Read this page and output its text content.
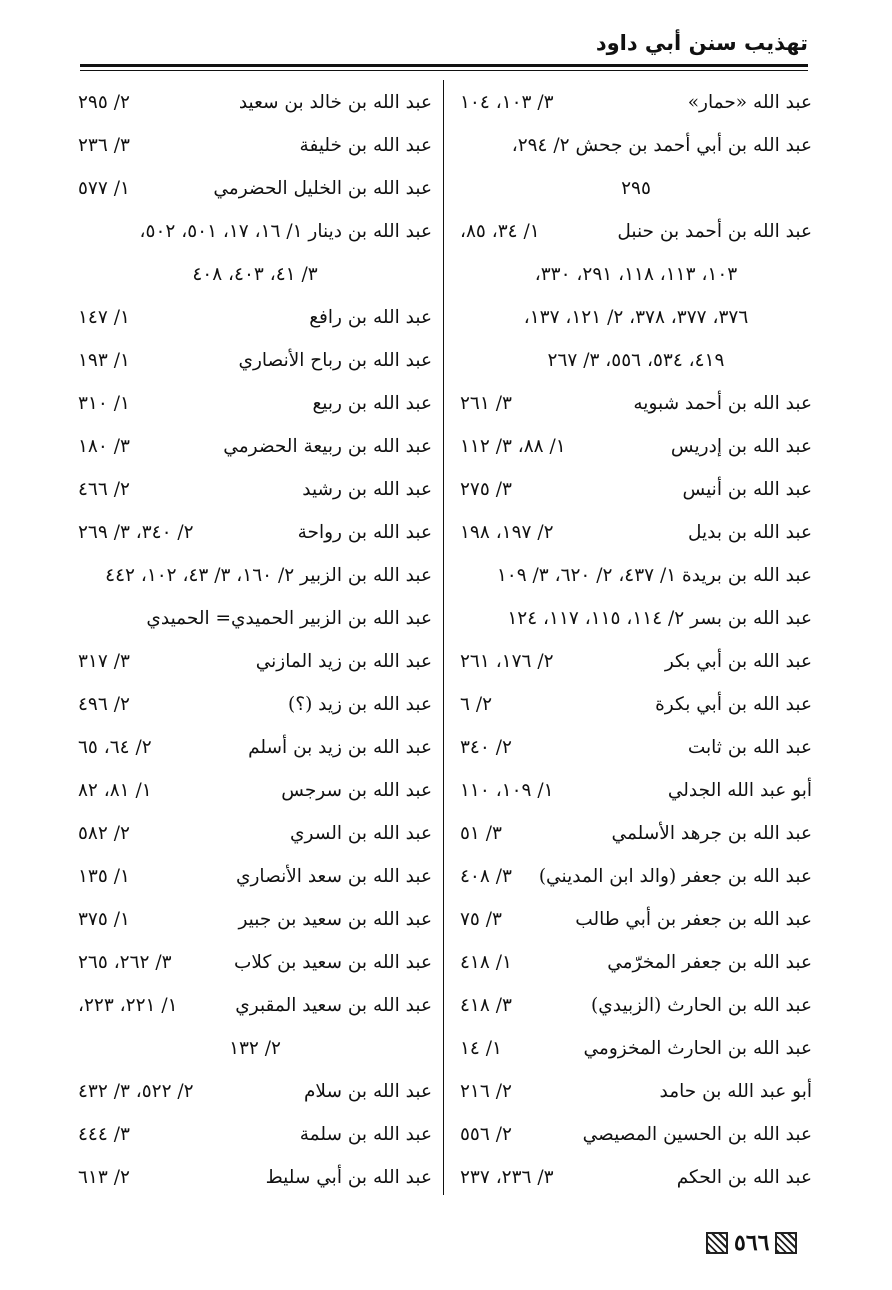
تهذيب سنن أبي داود
عبد الله «حمار»
٣/ ١٠٣، ١٠٤
عبد الله بن أبي أحمد بن جحش ٢/ ٢٩٤،
٢٩٥
عبد الله بن أحمد بن حنبل
١/ ٣٤، ٨٥،
١٠٣، ١١٣، ١١٨، ٢٩١، ٣٣٠،
٣٧٦، ٣٧٧، ٣٧٨، ٢/ ١٢١، ١٣٧،
٤١٩، ٥٣٤، ٥٥٦، ٣/ ٢٦٧
عبد الله بن أحمد شبويه
٣/ ٢٦١
عبد الله بن إدريس
١/ ٨٨، ٣/ ١١٢
عبد الله بن أنيس
٣/ ٢٧٥
عبد الله بن بديل
٢/ ١٩٧، ١٩٨
عبد الله بن بريدة ١/ ٤٣٧، ٢/ ٦٢٠، ٣/ ١٠٩
عبد الله بن بسر ٢/ ١١٤، ١١٥، ١١٧، ١٢٤
عبد الله بن أبي بكر
٢/ ١٧٦، ٢٦١
عبد الله بن أبي بكرة
٢/ ٦
عبد الله بن ثابت
٢/ ٣٤٠
أبو عبد الله الجدلي
١/ ١٠٩، ١١٠
عبد الله بن جرهد الأسلمي
٣/ ٥١
عبد الله بن جعفر (والد ابن المديني)
٣/ ٤٠٨
عبد الله بن جعفر بن أبي طالب
٣/ ٧٥
عبد الله بن جعفر المخرّمي
١/ ٤١٨
عبد الله بن الحارث (الزبيدي)
٣/ ٤١٨
عبد الله بن الحارث المخزومي
١/ ١٤
أبو عبد الله بن حامد
٢/ ٢١٦
عبد الله بن الحسين المصيصي
٢/ ٥٥٦
عبد الله بن الحكم
٣/ ٢٣٦، ٢٣٧
عبد الله بن خالد بن سعيد
٢/ ٢٩٥
عبد الله بن خليفة
٣/ ٢٣٦
عبد الله بن الخليل الحضرمي
١/ ٥٧٧
عبد الله بن دينار ١/ ١٦، ١٧، ٥٠١، ٥٠٢،
٣/ ٤١، ٤٠٣، ٤٠٨
عبد الله بن رافع
١/ ١٤٧
عبد الله بن رباح الأنصاري
١/ ١٩٣
عبد الله بن ربيع
١/ ٣١٠
عبد الله بن ربيعة الحضرمي
٣/ ١٨٠
عبد الله بن رشيد
٢/ ٤٦٦
عبد الله بن رواحة
٢/ ٣٤٠، ٣/ ٢٦٩
عبد الله بن الزبير ٢/ ١٦٠، ٣/ ٤٣، ١٠٢، ٤٤٢
عبد الله بن الزبير الحميدي= الحميدي
عبد الله بن زيد المازني
٣/ ٣١٧
عبد الله بن زيد (؟)
٢/ ٤٩٦
عبد الله بن زيد بن أسلم
٢/ ٦٤، ٦٥
عبد الله بن سرجس
١/ ٨١، ٨٢
عبد الله بن السري
٢/ ٥٨٢
عبد الله بن سعد الأنصاري
١/ ١٣٥
عبد الله بن سعيد بن جبير
١/ ٣٧٥
عبد الله بن سعيد بن كلاب
٣/ ٢٦٢، ٢٦٥
عبد الله بن سعيد المقبري
١/ ٢٢١، ٢٢٣،
٢/ ١٣٢
عبد الله بن سلام
٢/ ٥٢٢، ٣/ ٤٣٢
عبد الله بن سلمة
٣/ ٤٤٤
عبد الله بن أبي سليط
٢/ ٦١٣
٥٦٦
